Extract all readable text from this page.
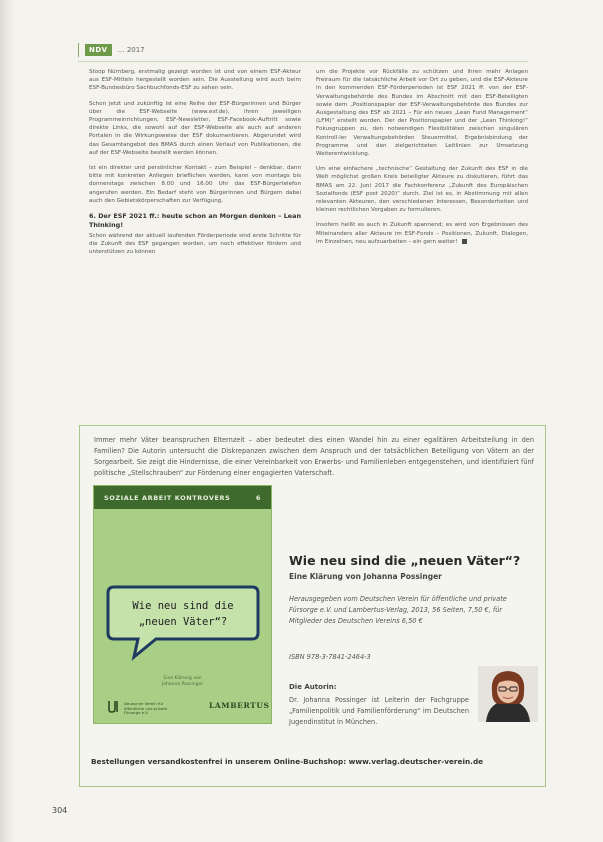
NDV	… 2017

Stoop Nürnberg, erstmalig gezeigt worden ist und von einem ESF-Akteur aus ESF-Mitteln hergestellt worden sein. Die Ausstellung wird auch beim ESF-Bundesbüro Sachbuchfonds-ESF zu sehen sein.

Schon jetzt und zukünftig ist eine Reihe der ESF-Bürgerinnen und Bürger über die ESF-Webseite (www.esf.de), ihren jeweiligen Programmeinrichtungen, ESF-Newsletter, ESF-Facebook-Auftritt sowie direkte Links, die sowohl auf der ESF-Webseite als auch auf anderen Portalen in die Wirkungsweise der ESF dokumentieren. Abgerundet wird das Gesamtangebot des BMAS durch einen Verlauf von Publikationen, die auf der ESF-Webseite bestellt werden können.

Ist ein direkter und persönlicher Kontakt – zum Beispiel – denkbar, dann bitte mit konkreten Anliegen brieflichen werden, kann von montags bis donnerstags zwischen 8.00 und 16.00 Uhr das ESF-Bürgertelefon angerufen werden. Ein Bedarf steht von Bürgerinnen und Bürgern dabei auch den Gebietskörperschaften zur Verfügung.

6. Der ESF 2021 ff.: heute schon an Morgen denken – Lean Thinking!

Schon während der aktuell laufenden Förderperiode sind erste Schritte für die Zukunft des ESF gegangen worden, um noch effektiver fördern und unterstützen zu können

um die Projekte vor Rückfälle zu schützen und ihren mehr Anlagen Freiraum für die tatsächliche Arbeit vor Ort zu geben, und die ESF-Akteure in den kommenden ESF-Förderperioden ist ESF 2021 ff. von der ESF-Verwaltungsbehörde des Bundes im Abschnitt mit den ESF-Beteiligten sowie dem „Positionspapier der ESF-Verwaltungsbehörde des Bundes zur Ausgestaltung des ESF ab 2021 – Für ein neues „Lean Fund Management“ (LFM)“ erstellt worden. Der der Positionspapier und der „Lean Thinking!“ Fokusgruppen zu, den notwendigen Flexibilitäten zwischen singulären Kontroll-ler Verwaltungsbehörden Steuermittel, Ergebnisbindung der Programme und den zielgerichteten Leitlinien zur Umsetzung Weiterentwicklung.

Um eine einfachere „technische“ Gestaltung der Zukunft des ESF in die Welt möglichst großen Kreis beteiligter Akteure zu diskutieren, führt das BMAS am 22. Juni 2017 die Fachkonferenz „Zukunft des Europäischen Sozialfonds (ESF post 2020)“ durch. Ziel ist es, in Abstimmung mit allen relevanten Akteuren, den verschiedenen Interessen, Besonderheiten und kleinen rechtlichen Vorgaben zu formulieren.

Insofern heißt es auch in Zukunft spannend; es wird von Ergebnissen des Miteinanders aller Akteure im ESF-Fonds – Positionen, Zukunft, Dialogen, im Einzelnen, neu aufzuarbeiten – ein gern weiter!

Immer mehr Väter beanspruchen Elternzeit – aber bedeutet dies einen Wandel hin zu einer egalitären Arbeitsteilung in den Familien? Die Autorin untersucht die Diskrepanzen zwischen dem Anspruch und der tatsächlichen Beteiligung von Vätern an der Sorgearbeit. Sie zeigt die Hindernisse, die einer Vereinbarkeit von Erwerbs- und Familienleben entgegenstehen, und identifiziert fünf politische „Stellschrauben“ zur Förderung einer engagierten Vaterschaft.
SOZIALE ARBEIT KONTROVERS	6
Wie neu sind die
„neuen Väter“?
Eine Klärung von
Johanna Possinger
Deutscher Verein für öffentliche und private Fürsorge e.V.
LAMBERTUS
Wie neu sind die „neuen Väter“?
Eine Klärung von Johanna Possinger
Herausgegeben vom Deutschen Verein für öffentliche und private Fürsorge e.V. und Lambertus-Verlag, 2013, 56 Seiten, 7,50 €, für Mitglieder des Deutschen Vereins 6,50 €
ISBN 978-3-7841-2464-3
Die Autorin:
Dr. Johanna Possinger ist Leiterin der Fachgruppe „Familienpolitik und Familienförderung“ im Deutschen Jugendinstitut in München.
Bestellungen versandkostenfrei in unserem Online-Buchshop: www.verlag.deutscher-verein.de
304
